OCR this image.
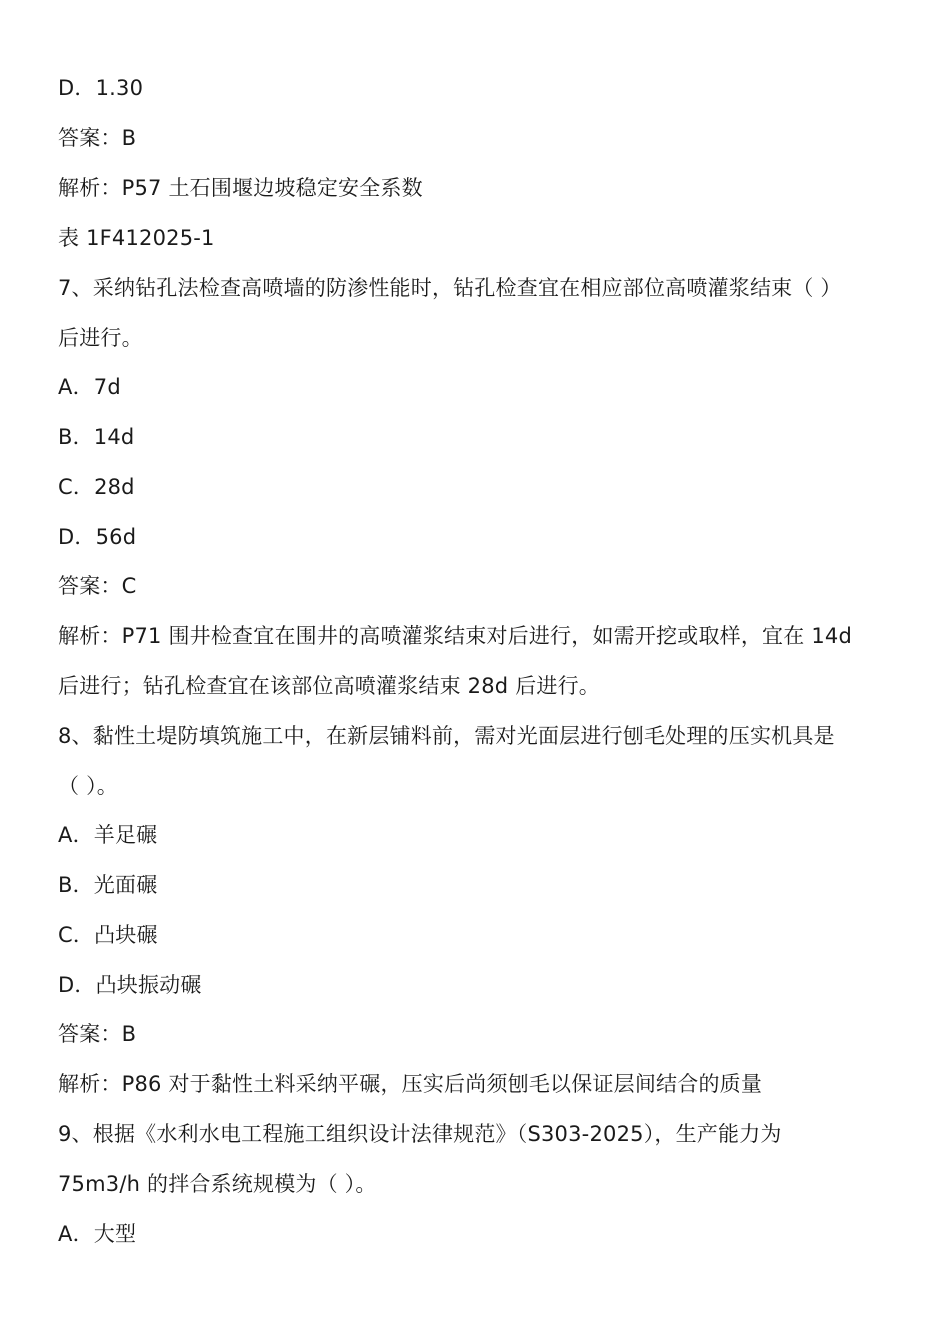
D．1.30
答案：B
解析：P57 土石围堰边坡稳定安全系数
表 1F412025-1
7、采纳钻孔法检查高喷墙的防渗性能时，钻孔检查宜在相应部位高喷灌浆结束（ ）
后进行。
A．7d
B．14d
C．28d
D．56d
答案：C
解析：P71 围井检查宜在围井的高喷灌浆结束对后进行，如需开挖或取样，宜在 14d
后进行；钻孔检查宜在该部位高喷灌浆结束 28d 后进行。
8、黏性土堤防填筑施工中，在新层铺料前，需对光面层进行刨毛处理的压实机具是
（ ）。
A．羊足碾
B．光面碾
C．凸块碾
D．凸块振动碾
答案：B
解析：P86 对于黏性土料采纳平碾，压实后尚须刨毛以保证层间结合的质量
9、根据《水利水电工程施工组织设计法律规范》（S303-2025），生产能力为
75m3/h 的拌合系统规模为（ ）。
A．大型
